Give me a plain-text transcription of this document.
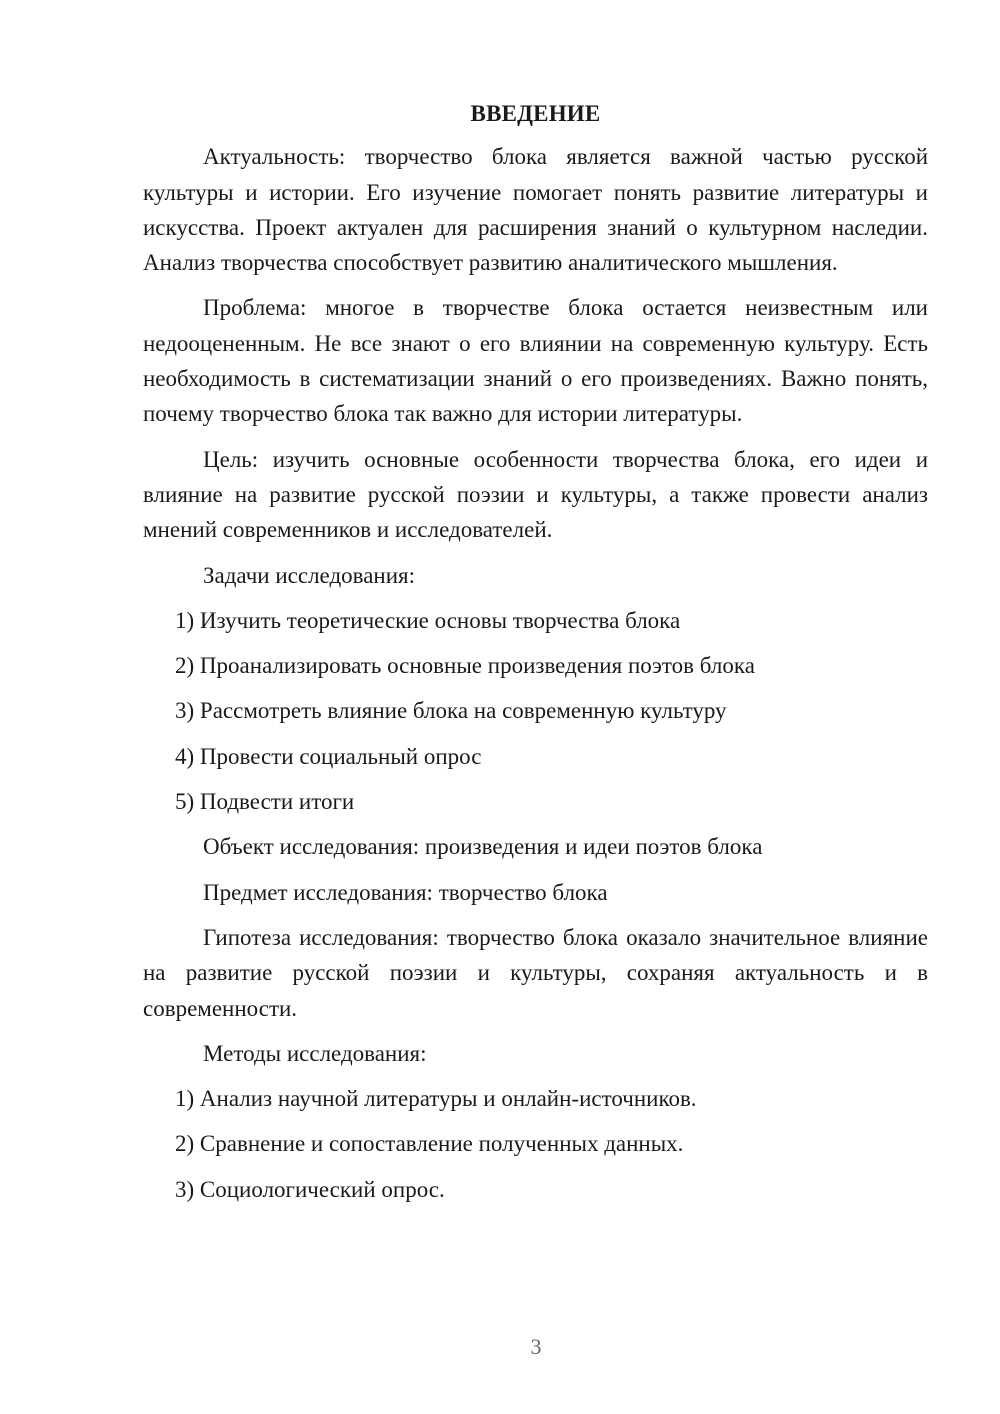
ВВЕДЕНИЕ

Актуальность: творчество блока является важной частью русской культуры и истории. Его изучение помогает понять развитие литературы и искусства. Проект актуален для расширения знаний о культурном наследии. Анализ творчества способствует развитию аналитического мышления.

Проблема: многое в творчестве блока остается неизвестным или недооцененным. Не все знают о его влиянии на современную культуру. Есть необходимость в систематизации знаний о его произведениях. Важно понять, почему творчество блока так важно для истории литературы.

Цель: изучить основные особенности творчества блока, его идеи и влияние на развитие русской поэзии и культуры, а также провести анализ мнений современников и исследователей.

Задачи исследования:
1) Изучить теоретические основы творчества блока
2) Проанализировать основные произведения поэтов блока
3) Рассмотреть влияние блока на современную культуру
4) Провести социальный опрос
5) Подвести итоги
Объект исследования: произведения и идеи поэтов блока
Предмет исследования: творчество блока

Гипотеза исследования: творчество блока оказало значительное влияние на развитие русской поэзии и культуры, сохраняя актуальность и в современности.

Методы исследования:
1) Анализ научной литературы и онлайн-источников.
2) Сравнение и сопоставление полученных данных.
3) Социологический опрос.
3
